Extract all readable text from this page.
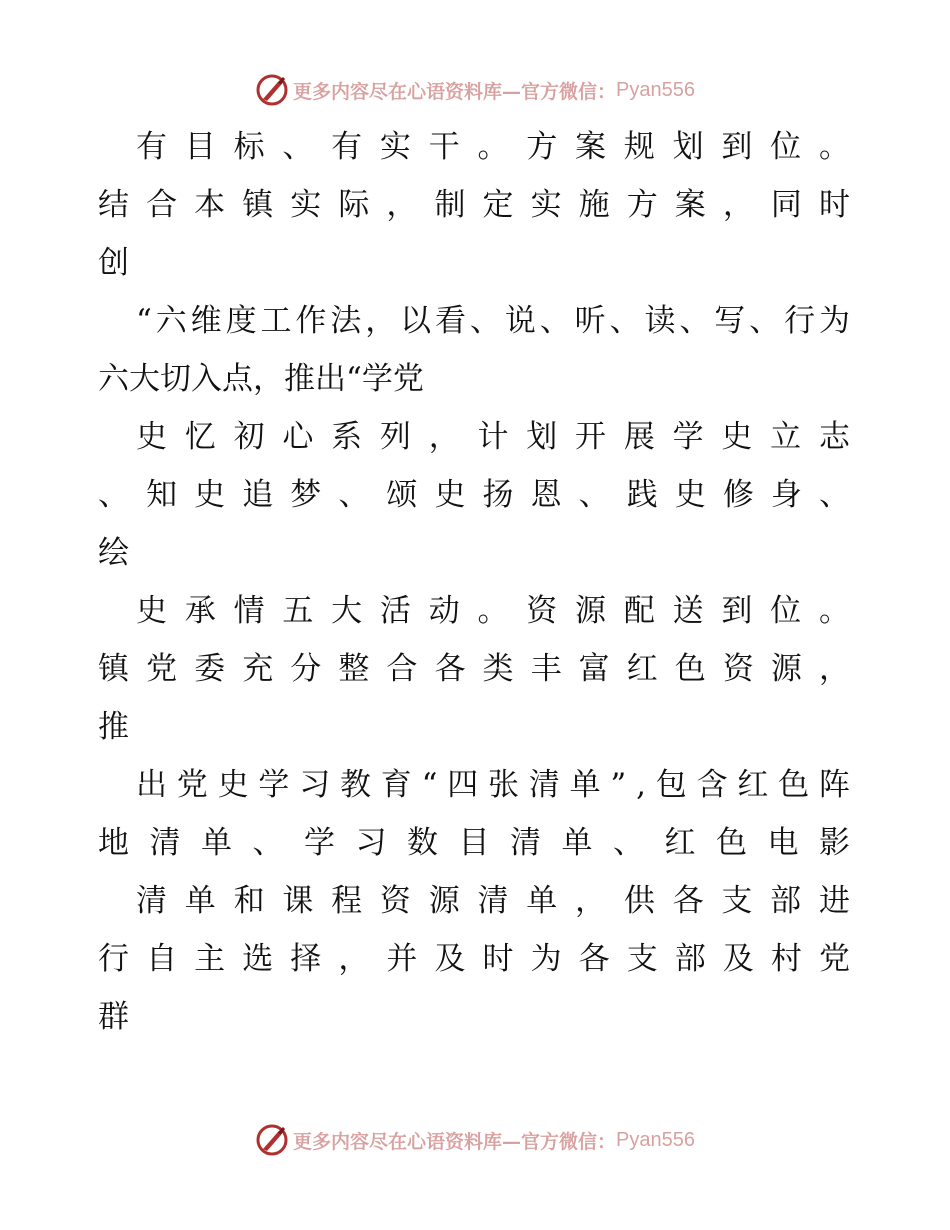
更多内容尽在心语资料库—官方微信： Pyan556
有 目 标 、 有 实 干 。 方 案 规 划 到 位 。
结 合 本 镇 实 际 ， 制 定 实 施 方 案 ， 同 时
创
“ 六 维 度 工 作 法 ， 以 看 、 说 、 听 、 读 、 写 、 行 为
六 大 切 入 点 ， 推 出 “ 学 党
史 忆 初 心 系 列 ， 计 划 开 展 学 史 立 志
、 知 史 追 梦 、 颂 史 扬 恩 、 践 史 修 身 、
绘
史 承 情 五 大 活 动 。 资 源 配 送 到 位 。
镇 党 委 充 分 整 合 各 类 丰 富 红 色 资 源 ，
推
出 党 史 学 习 教 育 “ 四 张 清 单 ” , 包 含 红 色 阵
地 清 单 、 学 习 数 目 清 单 、 红 色 电 影
清 单 和 课 程 资 源 清 单 ， 供 各 支 部 进
行 自 主 选 择 ， 并 及 时 为 各 支 部 及 村 党
群
更多内容尽在心语资料库—官方微信： Pyan556
